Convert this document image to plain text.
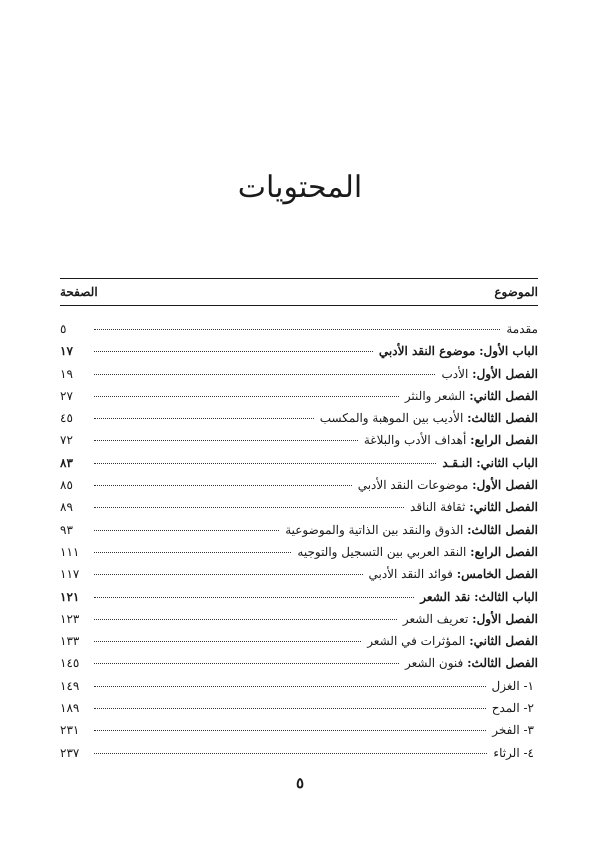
المحتويات
الموضوع
الصفحة
مقدمة
٥
الباب الأول: موضوع النقد الأدبي
١٧
الفصل الأول: الأدب
١٩
الفصل الثاني: الشعر والنثر
٢٧
الفصل الثالث: الأديب بين الموهبة والمكسب
٤٥
الفصل الرابع: أهداف الأدب والبلاغة
٧٢
الباب الثاني: النـقـد
٨٣
الفصل الأول: موضوعات النقد الأدبي
٨٥
الفصل الثاني: ثقافة الناقد
٨٩
الفصل الثالث: الذوق والنقد بين الذاتية والموضوعية
٩٣
الفصل الرابع: النقد العربي بين التسجيل والتوجيه
١١١
الفصل الخامس: فوائد النقد الأدبي
١١٧
الباب الثالث: نقد الشعر
١٢١
الفصل الأول: تعريف الشعر
١٢٣
الفصل الثاني: المؤثرات في الشعر
١٣٣
الفصل الثالث: فنون الشعر
١٤٥
١- الغزل
١٤٩
٢- المدح
١٨٩
٣- الفخر
٢٣١
٤- الرثاء
٢٣٧
٥
